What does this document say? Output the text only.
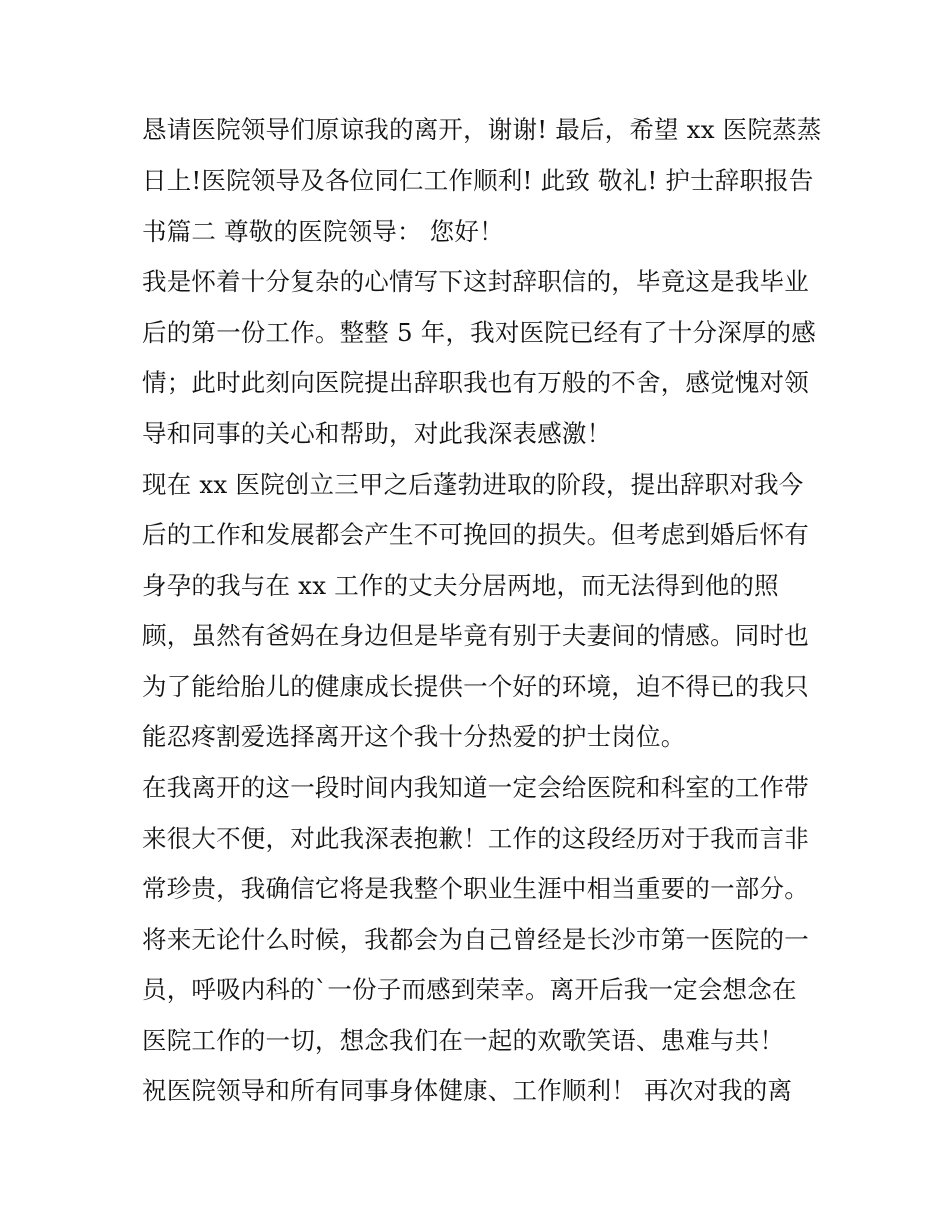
恳请医院领导们原谅我的离开，谢谢! 最后，希望 xx 医院蒸蒸
日上!医院领导及各位同仁工作顺利! 此致 敬礼! 护士辞职报告
书篇二 尊敬的医院领导： 您好！
我是怀着十分复杂的心情写下这封辞职信的，毕竟这是我毕业
后的第一份工作。整整 5 年，我对医院已经有了十分深厚的感
情；此时此刻向医院提出辞职我也有万般的不舍，感觉愧对领
导和同事的关心和帮助，对此我深表感激！
现在 xx 医院创立三甲之后蓬勃进取的阶段，提出辞职对我今
后的工作和发展都会产生不可挽回的损失。但考虑到婚后怀有
身孕的我与在 xx 工作的丈夫分居两地，而无法得到他的照
顾，虽然有爸妈在身边但是毕竟有别于夫妻间的情感。同时也
为了能给胎儿的健康成长提供一个好的环境，迫不得已的我只
能忍疼割爱选择离开这个我十分热爱的护士岗位。
在我离开的这一段时间内我知道一定会给医院和科室的工作带
来很大不便，对此我深表抱歉！工作的这段经历对于我而言非
常珍贵，我确信它将是我整个职业生涯中相当重要的一部分。
将来无论什么时候，我都会为自己曾经是长沙市第一医院的一
员，呼吸内科的`一份子而感到荣幸。离开后我一定会想念在
医院工作的一切，想念我们在一起的欢歌笑语、患难与共！
祝医院领导和所有同事身体健康、工作顺利！ 再次对我的离
